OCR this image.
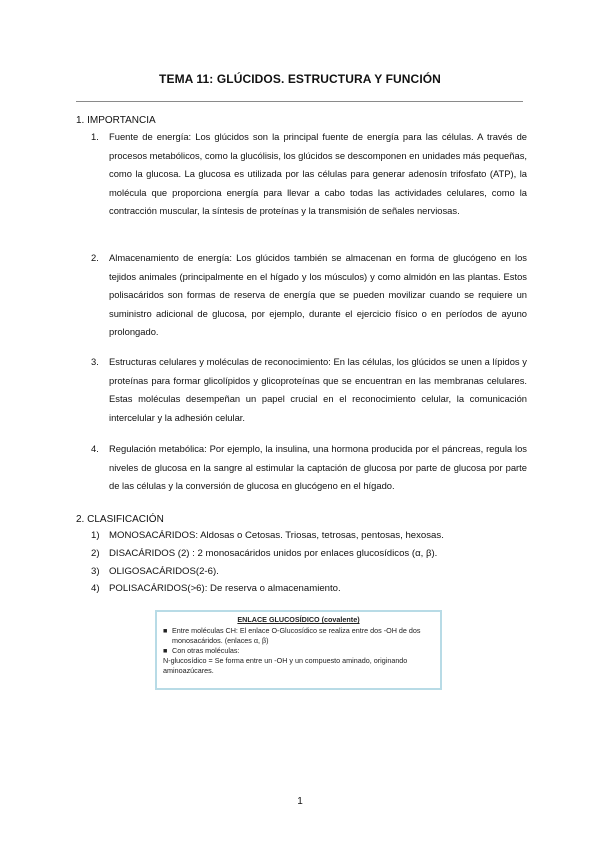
TEMA 11: GLÚCIDOS. ESTRUCTURA Y FUNCIÓN
1. IMPORTANCIA
1. Fuente de energía: Los glúcidos son la principal fuente de energía para las células. A través de procesos metabólicos, como la glucólisis, los glúcidos se descomponen en unidades más pequeñas, como la glucosa. La glucosa es utilizada por las células para generar adenosín trifosfato (ATP), la molécula que proporciona energía para llevar a cabo todas las actividades celulares, como la contracción muscular, la síntesis de proteínas y la transmisión de señales nerviosas.
2. Almacenamiento de energía: Los glúcidos también se almacenan en forma de glucógeno en los tejidos animales (principalmente en el hígado y los músculos) y como almidón en las plantas. Estos polisacáridos son formas de reserva de energía que se pueden movilizar cuando se requiere un suministro adicional de glucosa, por ejemplo, durante el ejercicio físico o en períodos de ayuno prolongado.
3. Estructuras celulares y moléculas de reconocimiento: En las células, los glúcidos se unen a lípidos y proteínas para formar glicolípidos y glicoproteínas que se encuentran en las membranas celulares. Estas moléculas desempeñan un papel crucial en el reconocimiento celular, la comunicación intercelular y la adhesión celular.
4. Regulación metabólica: Por ejemplo, la insulina, una hormona producida por el páncreas, regula los niveles de glucosa en la sangre al estimular la captación de glucosa por parte de glucosa por parte de las células y la conversión de glucosa en glucógeno en el hígado.
2. CLASIFICACIÓN
1) MONOSACÁRIDOS: Aldosas o Cetosas. Triosas, tetrosas, pentosas, hexosas.
2) DISACÁRIDOS (2) : 2 monosacáridos unidos por enlaces glucosídicos (α, β).
3) OLIGOSACÁRIDOS(2-6).
4) POLISACÁRIDOS(>6): De reserva o almacenamiento.
ENLACE GLUCOSÍDICO (covalente)
■ Entre moléculas CH: El enlace O-Glucosídico se realiza entre dos -OH de dos monosacáridos. (enlaces α, β)
■ Con otras moléculas:
N-glucosídico = Se forma entre un -OH y un compuesto aminado, originando aminoazúcares.
1
